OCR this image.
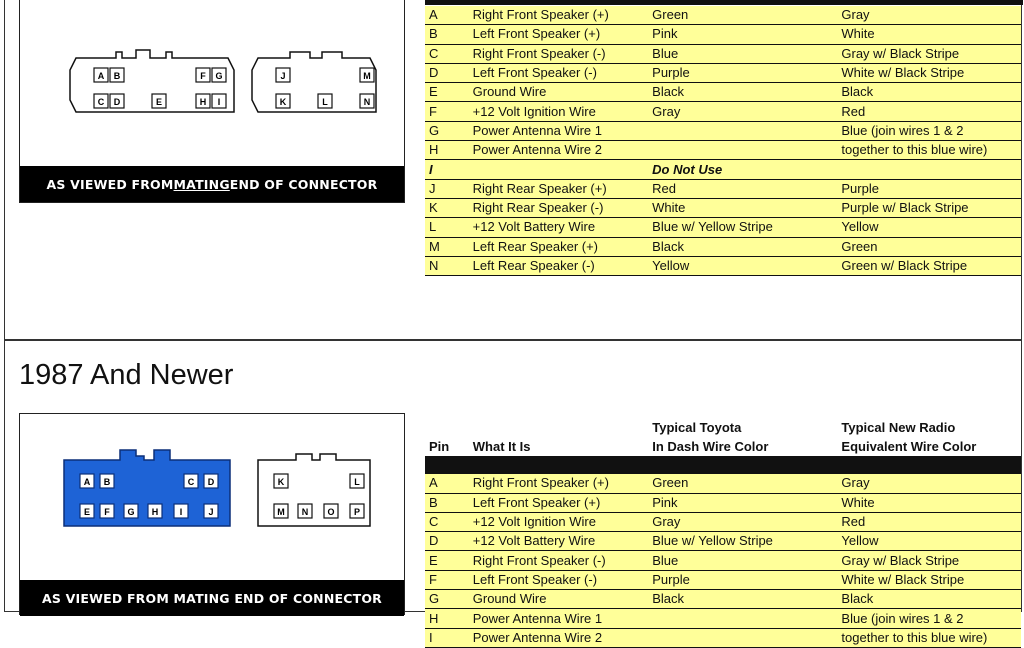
A B	F G
C D	E	H I
J	M
K	L	N
AS VIEWED FROM MATING END OF CONNECTOR
A	Right Front Speaker (+)	Green	Gray
B	Left Front Speaker (+)	Pink	White
C	Right Front Speaker (-)	Blue	Gray w/ Black Stripe
D	Left Front Speaker (-)	Purple	White w/ Black Stripe
E	Ground Wire	Black	Black
F	+12 Volt Ignition Wire	Gray	Red
G	Power Antenna Wire 1		Blue (join wires 1 & 2
H	Power Antenna Wire 2		together to this blue wire)
I		Do Not Use	
J	Right Rear Speaker (+)	Red	Purple
K	Right Rear Speaker (-)	White	Purple w/ Black Stripe
L	+12 Volt Battery Wire	Blue w/ Yellow Stripe	Yellow
M	Left Rear Speaker (+)	Black	Green
N	Left Rear Speaker (-)	Yellow	Green w/ Black Stripe
1987 And Newer
A B	C D
E F G H I	J
K	L
M N O P
AS VIEWED FROM MATING END OF CONNECTOR
Pin	What It Is	Typical Toyota	Typical New Radio
		In Dash Wire Color	Equivalent Wire Color

A	Right Front Speaker (+)	Green	Gray
B	Left Front Speaker (+)	Pink	White
C	+12 Volt Ignition Wire	Gray	Red
D	+12 Volt Battery Wire	Blue w/ Yellow Stripe	Yellow
E	Right Front Speaker (-)	Blue	Gray w/ Black Stripe
F	Left Front Speaker (-)	Purple	White w/ Black Stripe
G	Ground Wire	Black	Black
H	Power Antenna Wire 1		Blue (join wires 1 & 2
I	Power Antenna Wire 2		together to this blue wire)
